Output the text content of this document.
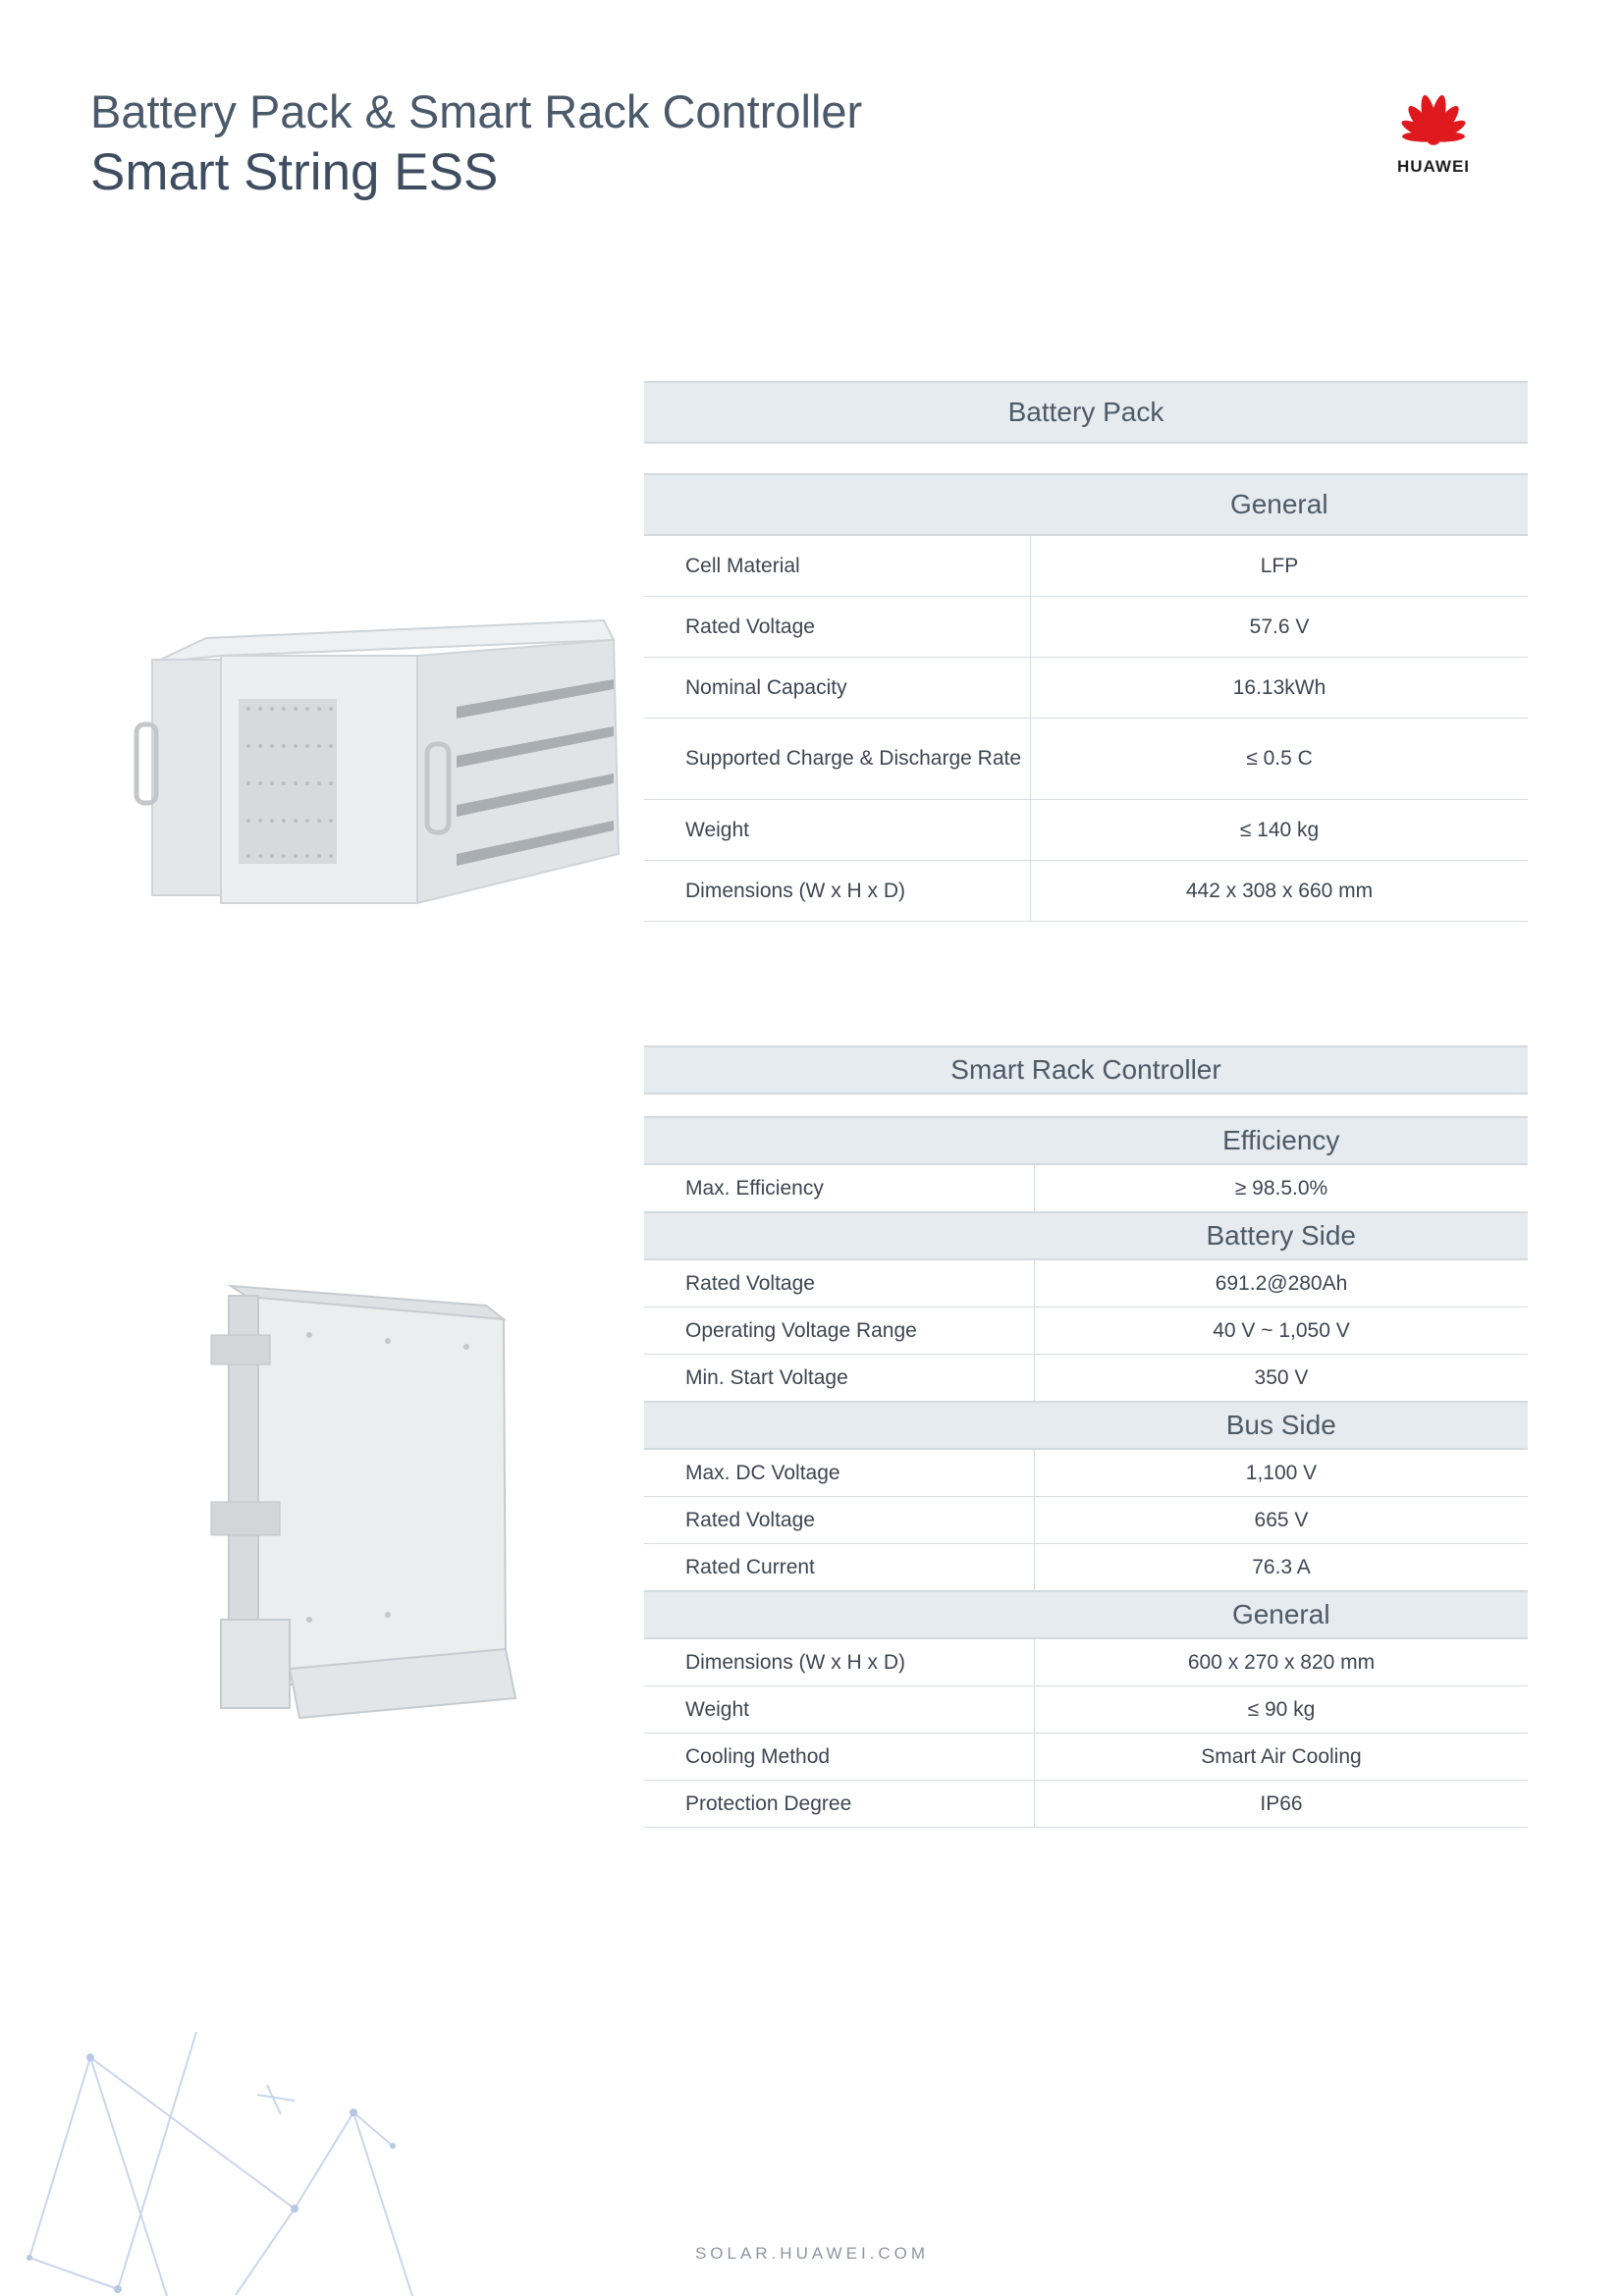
Battery Pack & Smart Rack Controller
Smart String ESS	HUAWEI
Battery Pack	

	General
Cell Material	LFP
Rated Voltage	57.6 V
Nominal Capacity	16.13kWh
Supported Charge & Discharge Rate	≤ 0.5 C
Weight	≤ 140 kg
Dimensions (W x H x D)	442 x 308 x 660 mm
Smart Rack Controller	

	Efficiency
Max. Efficiency	≥ 98.5.0%
	Battery Side
Rated Voltage	691.2@280Ah
Operating Voltage Range	40 V ~ 1,050 V
Min. Start Voltage	350 V
	Bus Side
Max. DC Voltage	1,100 V
Rated Voltage	665 V
Rated Current	76.3 A
	General
Dimensions (W x H x D)	600 x 270 x 820 mm
Weight	≤ 90 kg
Cooling Method	Smart Air Cooling
Protection Degree	IP66
SOLAR.HUAWEI.COM
